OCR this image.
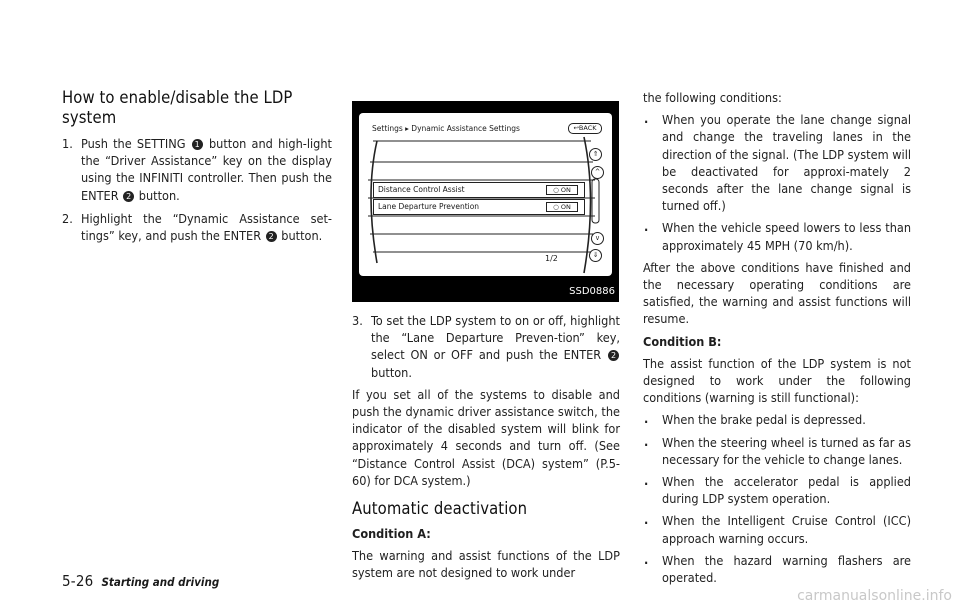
How to enable/disable the LDP
system

1. Push the SETTING 1 button and high-light the “Driver Assistance” key on the display using the INFINITI controller. Then push the ENTER 2 button.

2. Highlight the “Dynamic Assistance set-tings” key, and push the ENTER 2 button.

Settings ▸ Dynamic Assistance Settings	↩BACK
Distance Control Assist	○ ON
Lane Departure Prevention	○ ON
⇑
^
v
⇓
1/2
SSD0886

3. To set the LDP system to on or off, highlight the “Lane Departure Preven-tion” key, select ON or OFF and push the ENTER 2 button.

If you set all of the systems to disable and push the dynamic driver assistance switch, the indicator of the disabled system will blink for approximately 4 seconds and turn off. (See “Distance Control Assist (DCA) system” (P.5-60) for DCA system.)

Automatic deactivation

Condition A:

The warning and assist functions of the LDP system are not designed to work under

the following conditions:

. When you operate the lane change signal and change the traveling lanes in the direction of the signal. (The LDP system will be deactivated for approxi-mately 2 seconds after the lane change signal is turned off.)

. When the vehicle speed lowers to less than approximately 45 MPH (70 km/h).

After the above conditions have finished and the necessary operating conditions are satisfied, the warning and assist functions will resume.

Condition B:

The assist function of the LDP system is not designed to work under the following conditions (warning is still functional):

. When the brake pedal is depressed.

. When the steering wheel is turned as far as necessary for the vehicle to change lanes.

. When the accelerator pedal is applied during LDP system operation.

. When the Intelligent Cruise Control (ICC) approach warning occurs.

. When the hazard warning flashers are operated.

5-26 Starting and driving
carmanualsonline.info
